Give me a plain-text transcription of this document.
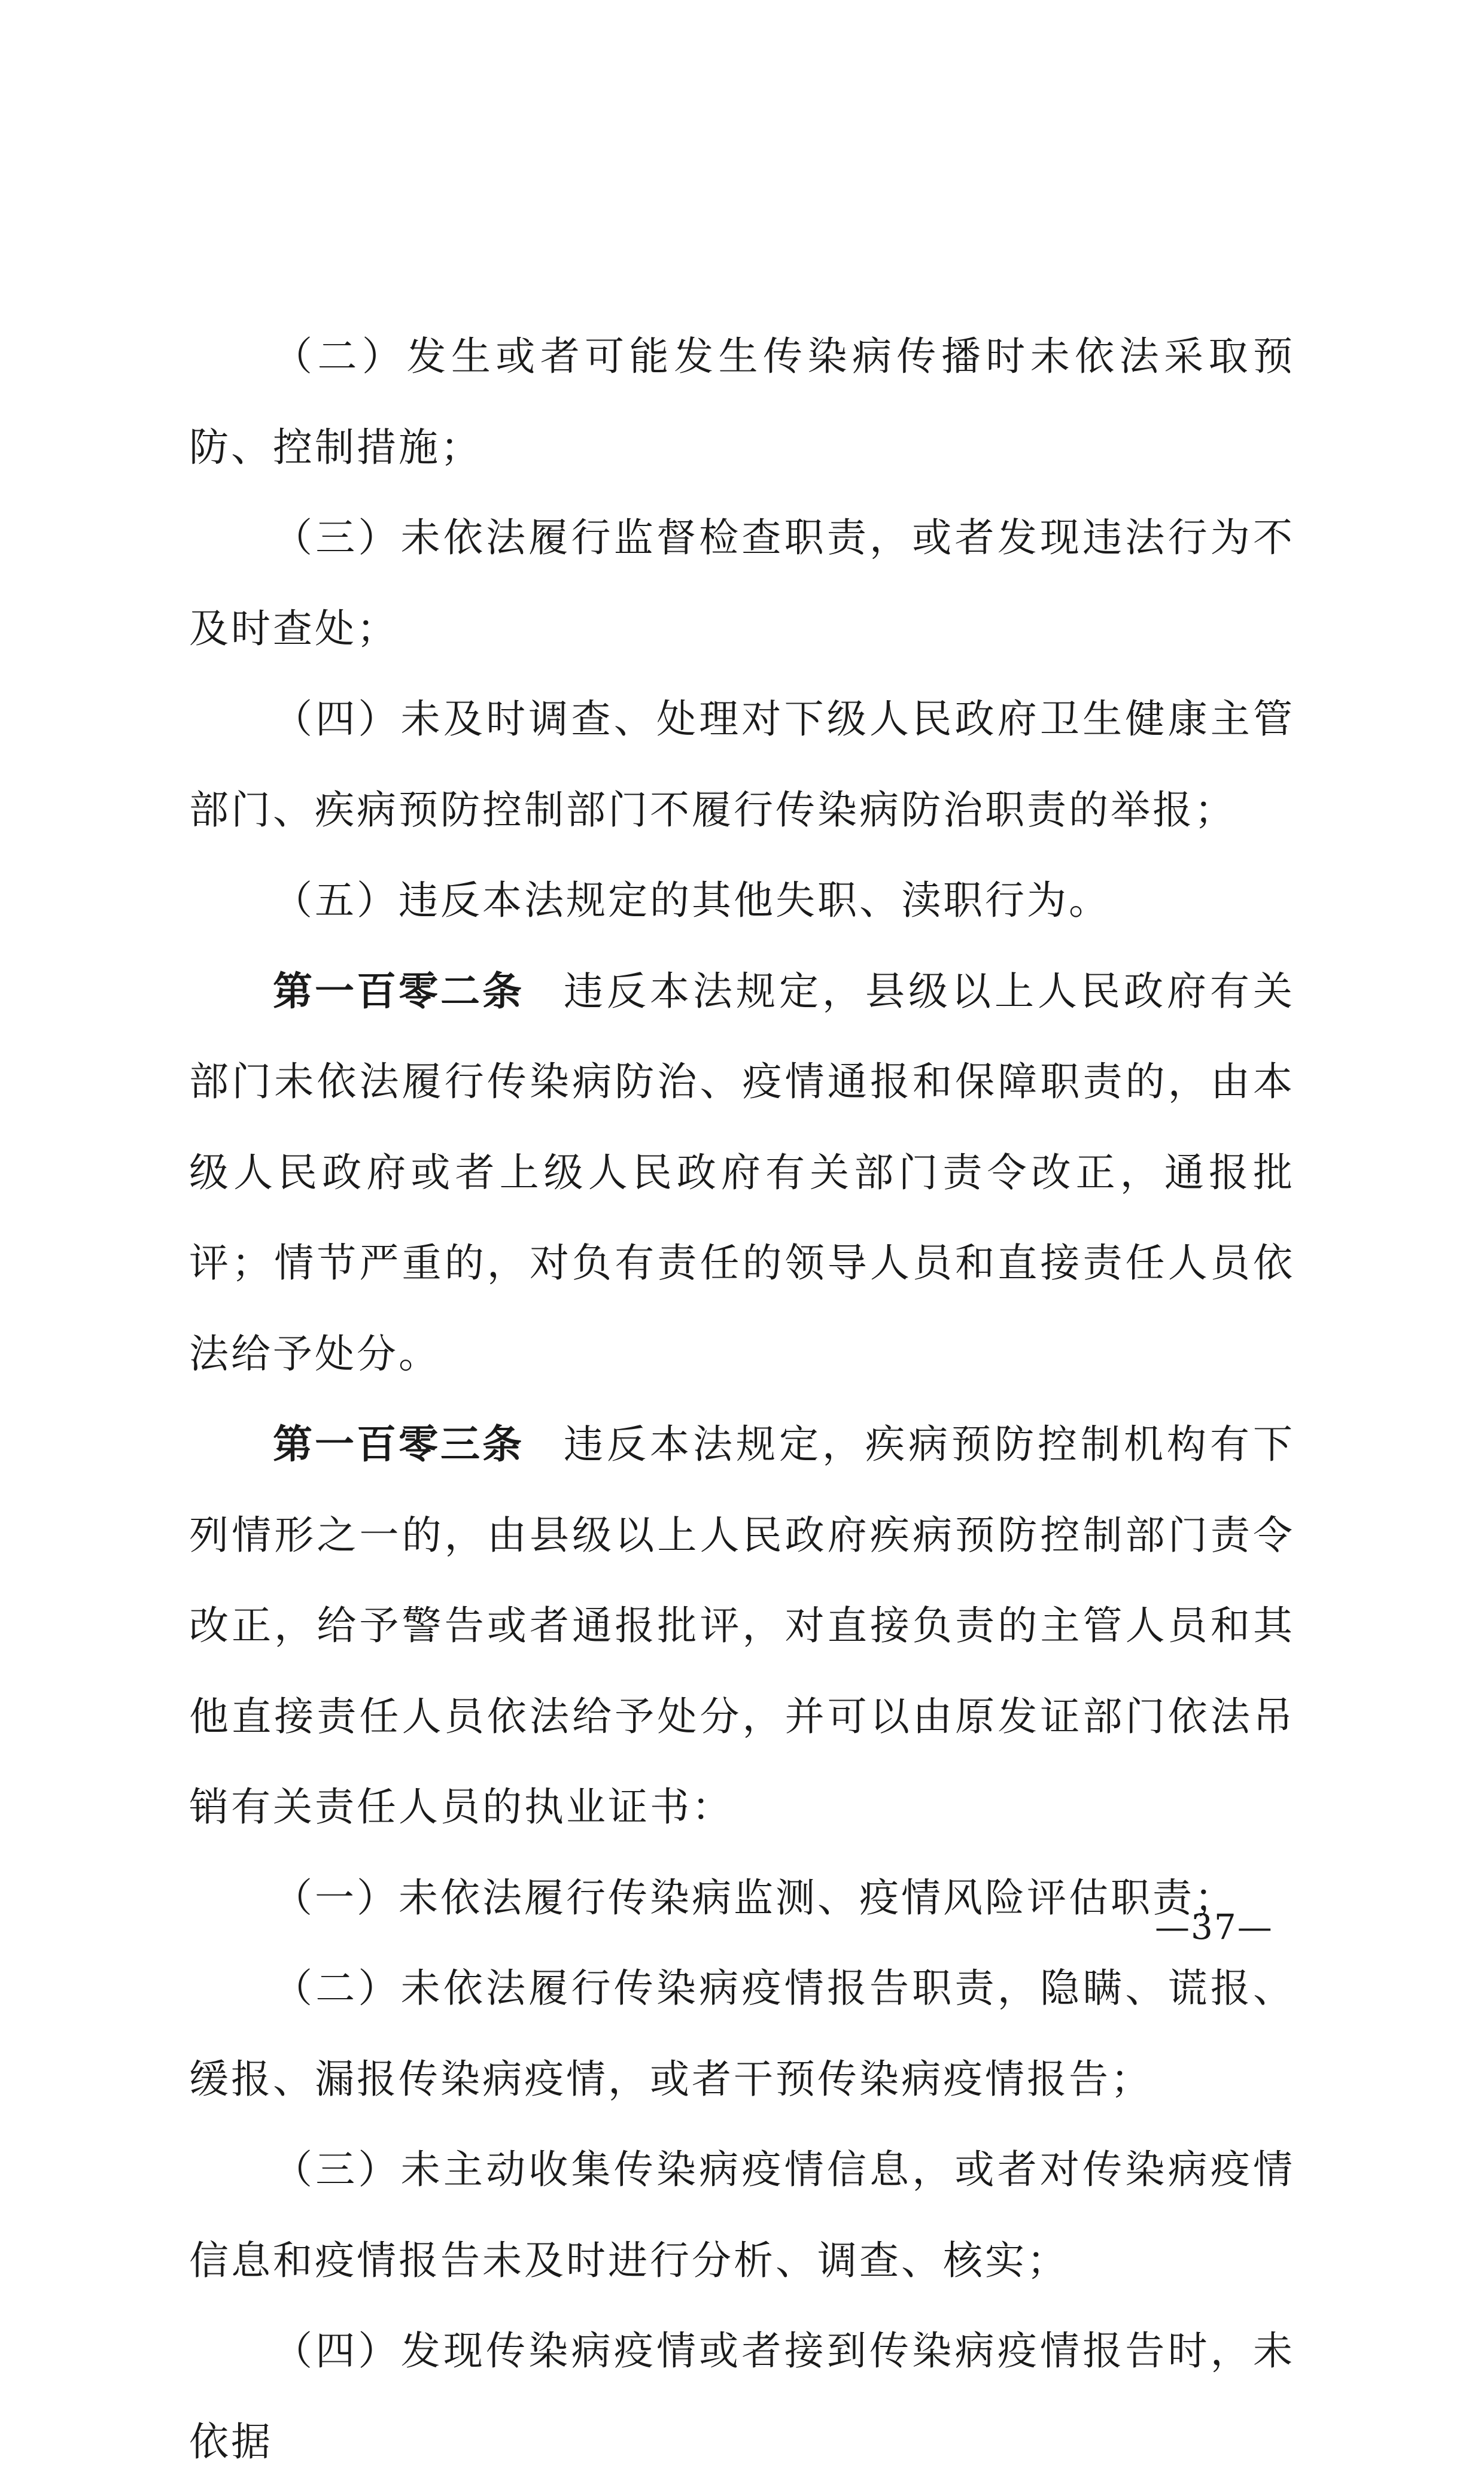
（二）发生或者可能发生传染病传播时未依法采取预防、控制措施；

（三）未依法履行监督检查职责，或者发现违法行为不及时查处；

（四）未及时调查、处理对下级人民政府卫生健康主管部门、疾病预防控制部门不履行传染病防治职责的举报；

（五）违反本法规定的其他失职、渎职行为。

第一百零二条 违反本法规定，县级以上人民政府有关部门未依法履行传染病防治、疫情通报和保障职责的，由本级人民政府或者上级人民政府有关部门责令改正，通报批评；情节严重的，对负有责任的领导人员和直接责任人员依法给予处分。

第一百零三条 违反本法规定，疾病预防控制机构有下列情形之一的，由县级以上人民政府疾病预防控制部门责令改正，给予警告或者通报批评，对直接负责的主管人员和其他直接责任人员依法给予处分，并可以由原发证部门依法吊销有关责任人员的执业证书：

（一）未依法履行传染病监测、疫情风险评估职责；

（二）未依法履行传染病疫情报告职责，隐瞒、谎报、缓报、漏报传染病疫情，或者干预传染病疫情报告；

（三）未主动收集传染病疫情信息，或者对传染病疫情信息和疫情报告未及时进行分析、调查、核实；

（四）发现传染病疫情或者接到传染病疫情报告时，未依据

—37—
